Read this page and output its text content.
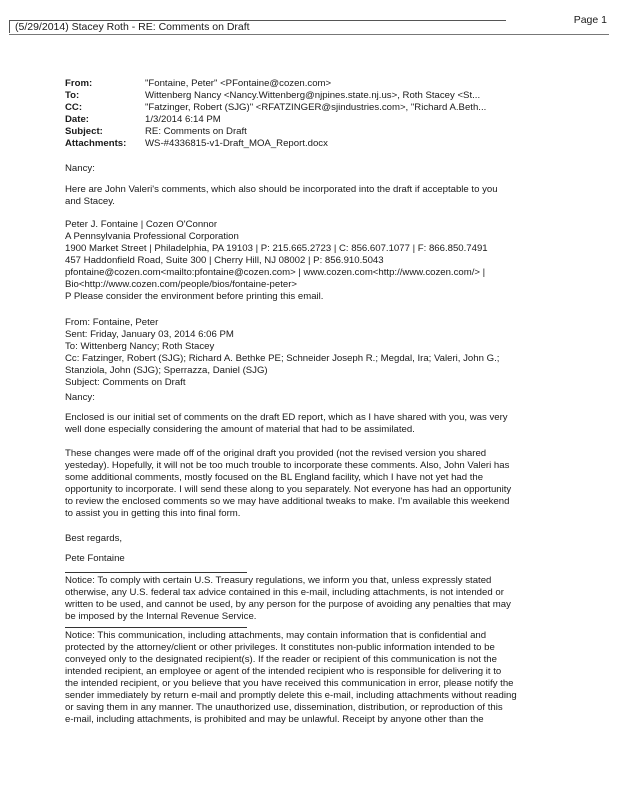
(5/29/2014) Stacey Roth - RE: Comments on Draft
Page 1
From:	"Fontaine, Peter" <PFontaine@cozen.com>
To:	Wittenberg Nancy <Nancy.Wittenberg@njpines.state.nj.us>, Roth Stacey <St...
CC:	"Fatzinger, Robert (SJG)" <RFATZINGER@sjindustries.com>, "Richard A.Beth...
Date:	1/3/2014 6:14 PM
Subject:	RE: Comments on Draft
Attachments:	WS-#4336815-v1-Draft_MOA_Report.docx
Nancy:
Here are John Valeri's comments, which also should be incorporated into the draft if acceptable to you
and Stacey.
Peter J. Fontaine | Cozen O'Connor
A Pennsylvania Professional Corporation
1900 Market Street | Philadelphia, PA 19103 | P: 215.665.2723 | C: 856.607.1077 | F: 866.850.7491
457 Haddonfield Road, Suite 300 | Cherry Hill, NJ 08002 | P: 856.910.5043
pfontaine@cozen.com<mailto:pfontaine@cozen.com> | www.cozen.com<http://www.cozen.com/> |
Bio<http://www.cozen.com/people/bios/fontaine-peter>
P Please consider the environment before printing this email.
From: Fontaine, Peter
Sent: Friday, January 03, 2014 6:06 PM
To: Wittenberg Nancy; Roth Stacey
Cc: Fatzinger, Robert (SJG); Richard A. Bethke PE; Schneider Joseph R.; Megdal, Ira; Valeri, John G.;
Stanziola, John (SJG); Sperrazza, Daniel (SJG)
Subject: Comments on Draft
Nancy:
Enclosed is our initial set of comments on the draft ED report, which as I have shared with you, was very
well done especially considering the amount of material that had to be assimilated.
These changes were made off of the original draft you provided (not the revised version you shared
yesteday). Hopefully, it will not be too much trouble to incorporate these comments. Also, John Valeri has
some additional comments, mostly focused on the BL England facility, which I have not yet had the
opportunity to incorporate. I will send these along to you separately. Not everyone has had an opportunity
to review the enclosed comments so we may have additional tweaks to make. I'm available this weekend
to assist you in getting this into final form.
Best regards,
Pete Fontaine
Notice: To comply with certain U.S. Treasury regulations, we inform you that, unless expressly stated
otherwise, any U.S. federal tax advice contained in this e-mail, including attachments, is not intended or
written to be used, and cannot be used, by any person for the purpose of avoiding any penalties that may
be imposed by the Internal Revenue Service.
Notice: This communication, including attachments, may contain information that is confidential and
protected by the attorney/client or other privileges. It constitutes non-public information intended to be
conveyed only to the designated recipient(s). If the reader or recipient of this communication is not the
intended recipient, an employee or agent of the intended recipient who is responsible for delivering it to
the intended recipient, or you believe that you have received this communication in error, please notify the
sender immediately by return e-mail and promptly delete this e-mail, including attachments without reading
or saving them in any manner. The unauthorized use, dissemination, distribution, or reproduction of this
e-mail, including attachments, is prohibited and may be unlawful. Receipt by anyone other than the
